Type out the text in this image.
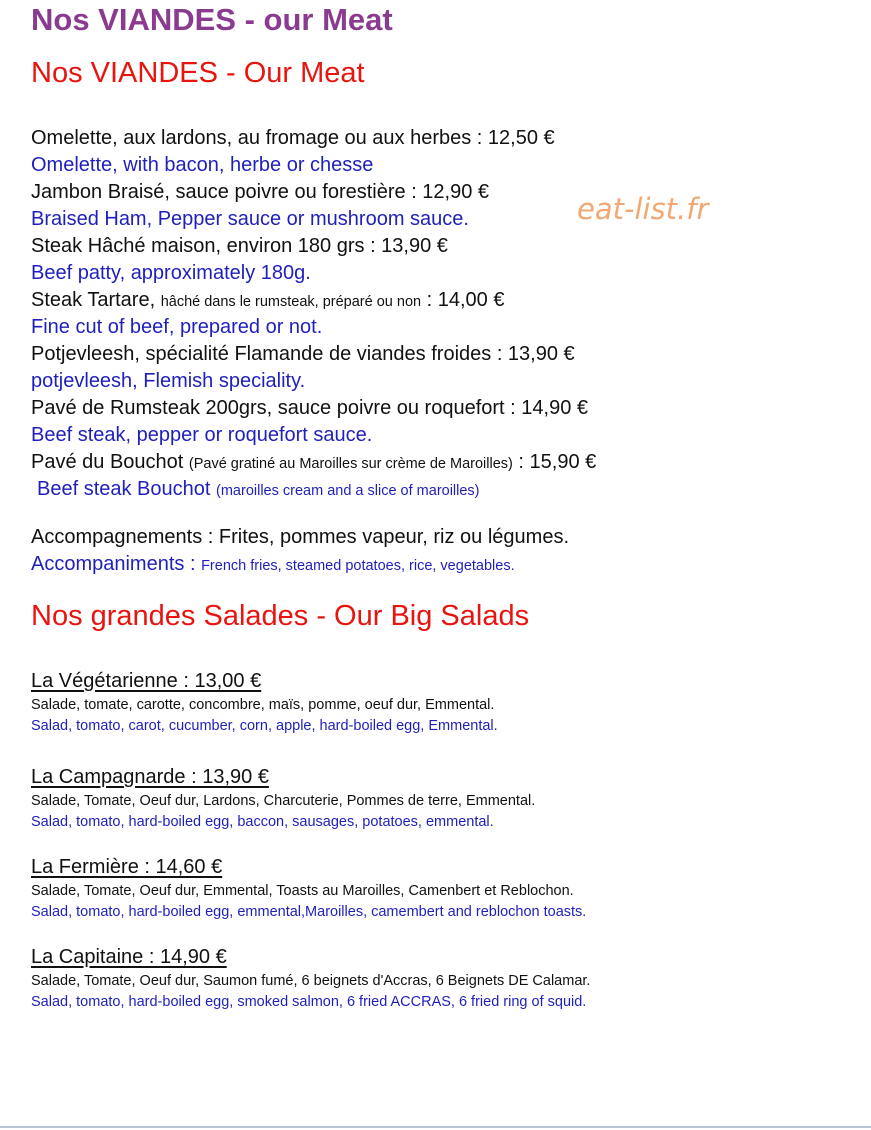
Nos VIANDES - our Meat
Nos VIANDES - Our Meat
eat-list.fr
Omelette, aux lardons, au fromage ou aux herbes : 12,50 €
Omelette, with bacon, herbe or chesse
Jambon Braisé, sauce poivre ou forestière : 12,90 €
Braised Ham, Pepper sauce or mushroom sauce.
Steak Hâché maison, environ 180 grs : 13,90 €
Beef patty, approximately 180g.
Steak Tartare, hâché dans le rumsteak, préparé ou non : 14,00 €
Fine cut of beef, prepared or not.
Potjevleesh, spécialité Flamande de viandes froides : 13,90 €
potjevleesh, Flemish speciality.
Pavé de Rumsteak 200grs, sauce poivre ou roquefort : 14,90 €
Beef steak, pepper or roquefort sauce.
Pavé du Bouchot (Pavé gratiné au Maroilles sur crème de Maroilles) : 15,90 €
Beef steak Bouchot (maroilles cream and a slice of maroilles)
Accompagnements : Frites, pommes vapeur, riz ou légumes.
Accompaniments : French fries, steamed potatoes, rice, vegetables.
Nos grandes Salades - Our Big Salads
La Végétarienne : 13,00 €
Salade, tomate, carotte, concombre, maïs, pomme, oeuf dur, Emmental.
Salad, tomato, carot, cucumber, corn, apple, hard-boiled egg, Emmental.
La Campagnarde : 13,90 €
Salade, Tomate, Oeuf dur, Lardons, Charcuterie, Pommes de terre, Emmental.
Salad, tomato, hard-boiled egg, baccon, sausages, potatoes, emmental.
La Fermière : 14,60 €
Salade, Tomate, Oeuf dur, Emmental, Toasts au Maroilles, Camenbert et Reblochon.
Salad, tomato, hard-boiled egg, emmental,Maroilles, camembert and reblochon toasts.
La Capitaine : 14,90 €
Salade, Tomate, Oeuf dur, Saumon fumé, 6 beignets d'Accras, 6 Beignets DE Calamar.
Salad, tomato, hard-boiled egg, smoked salmon, 6 fried ACCRAS, 6 fried ring of squid.
